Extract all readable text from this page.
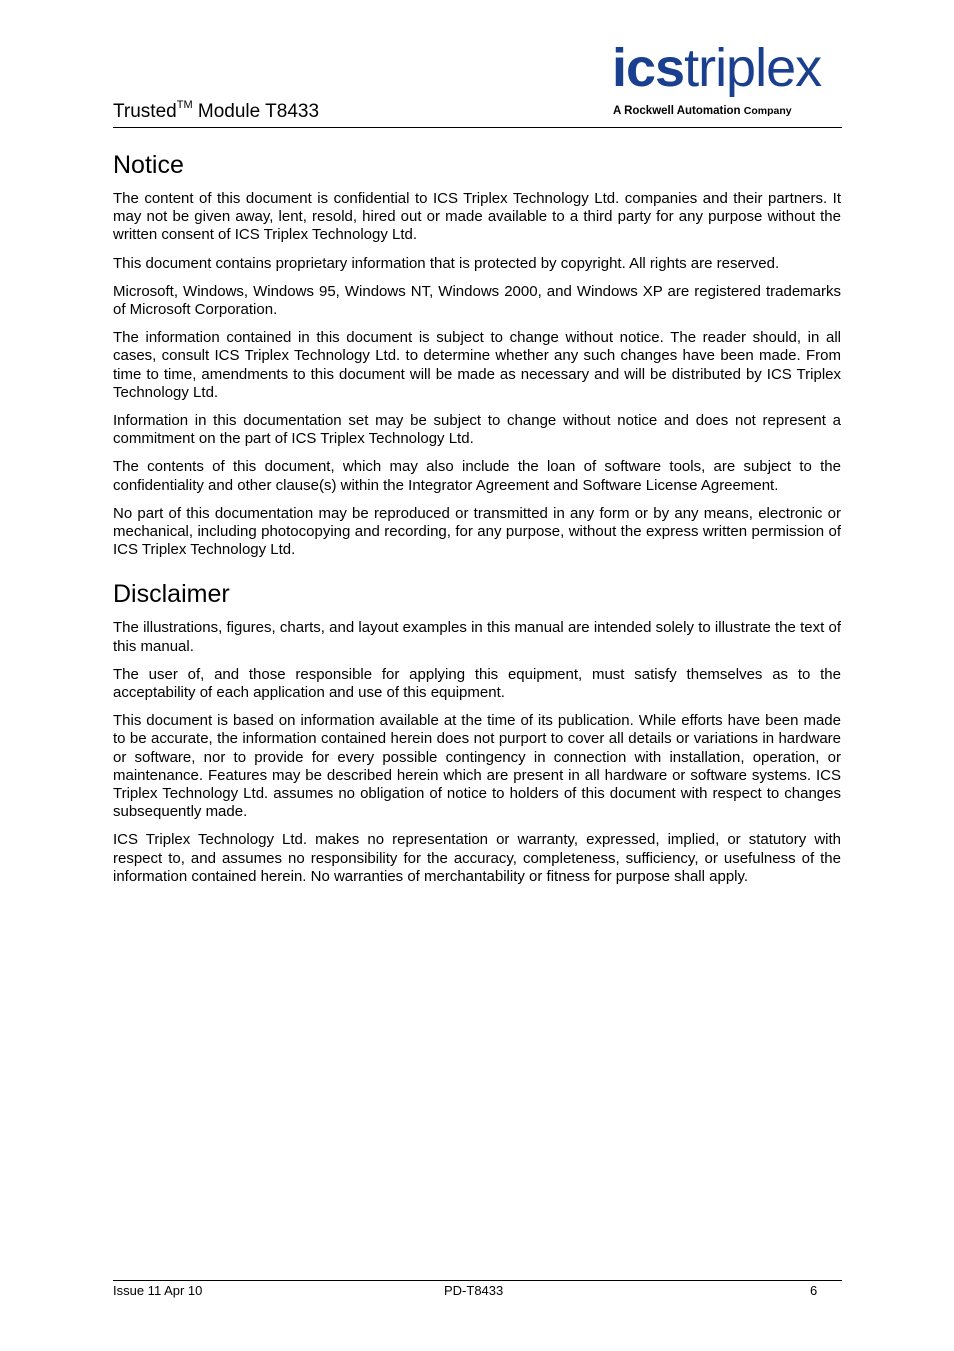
Trusted™ Module T8433
icstriplex
A Rockwell Automation Company
Notice

The content of this document is confidential to ICS Triplex Technology Ltd. companies and their partners. It may not be given away, lent, resold, hired out or made available to a third party for any purpose without the written consent of ICS Triplex Technology Ltd.

This document contains proprietary information that is protected by copyright. All rights are reserved.

Microsoft, Windows, Windows 95, Windows NT, Windows 2000, and Windows XP are registered trademarks of Microsoft Corporation.

The information contained in this document is subject to change without notice. The reader should, in all cases, consult ICS Triplex Technology Ltd. to determine whether any such changes have been made. From time to time, amendments to this document will be made as necessary and will be distributed by ICS Triplex Technology Ltd.

Information in this documentation set may be subject to change without notice and does not represent a commitment on the part of ICS Triplex Technology Ltd.

The contents of this document, which may also include the loan of software tools, are subject to the confidentiality and other clause(s) within the Integrator Agreement and Software License Agreement.

No part of this documentation may be reproduced or transmitted in any form or by any means, electronic or mechanical, including photocopying and recording, for any purpose, without the express written permission of ICS Triplex Technology Ltd.

Disclaimer

The illustrations, figures, charts, and layout examples in this manual are intended solely to illustrate the text of this manual.

The user of, and those responsible for applying this equipment, must satisfy themselves as to the acceptability of each application and use of this equipment.

This document is based on information available at the time of its publication. While efforts have been made to be accurate, the information contained herein does not purport to cover all details or variations in hardware or software, nor to provide for every possible contingency in connection with installation, operation, or maintenance. Features may be described herein which are present in all hardware or software systems. ICS Triplex Technology Ltd. assumes no obligation of notice to holders of this document with respect to changes subsequently made.

ICS Triplex Technology Ltd. makes no representation or warranty, expressed, implied, or statutory with respect to, and assumes no responsibility for the accuracy, completeness, sufficiency, or usefulness of the information contained herein. No warranties of merchantability or fitness for purpose shall apply.

Issue 11 Apr 10	PD-T8433	6
